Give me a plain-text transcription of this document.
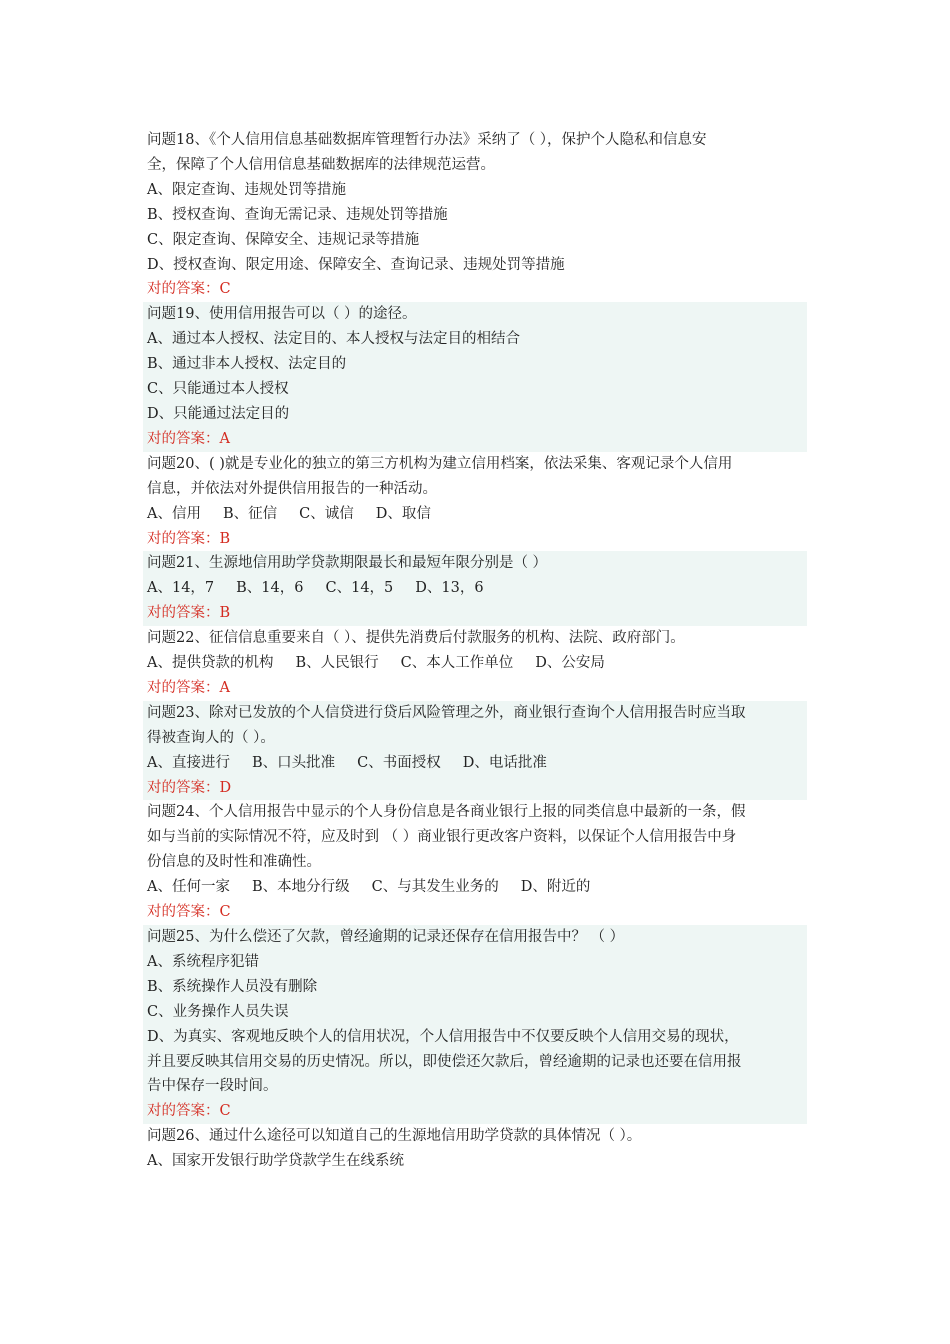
问题18、《个人信用信息基础数据库管理暂行办法》采纳了（ ），保护个人隐私和信息安
全，保障了个人信用信息基础数据库的法律规范运营。
A、限定查询、违规处罚等措施
B、授权查询、查询无需记录、违规处罚等措施
C、限定查询、保障安全、违规记录等措施
D、授权查询、限定用途、保障安全、查询记录、违规处罚等措施
对的答案：C
问题19、使用信用报告可以（ ）的途径。
A、通过本人授权、法定目的、本人授权与法定目的相结合
B、通过非本人授权、法定目的
C、只能通过本人授权
D、只能通过法定目的
对的答案：A
问题20、( )就是专业化的独立的第三方机构为建立信用档案，依法采集、客观记录个人信用
信息，并依法对外提供信用报告的一种活动。
A、信用 B、征信 C、诚信 D、取信
对的答案：B
问题21、生源地信用助学贷款期限最长和最短年限分别是（ ）
A、14，7 B、14，6 C、14，5 D、13，6
对的答案：B
问题22、征信信息重要来自（ ）、提供先消费后付款服务的机构、法院、政府部门。
A、提供贷款的机构 B、人民银行 C、本人工作单位 D、公安局
对的答案：A
问题23、除对已发放的个人信贷进行贷后风险管理之外，商业银行查询个人信用报告时应当取
得被查询人的（ ）。
A、直接进行 B、口头批准 C、书面授权 D、电话批准
对的答案：D
问题24、个人信用报告中显示的个人身份信息是各商业银行上报的同类信息中最新的一条，假
如与当前的实际情况不符，应及时到 （ ）商业银行更改客户资料，以保证个人信用报告中身
份信息的及时性和准确性。
A、任何一家 B、本地分行级 C、与其发生业务的 D、附近的
对的答案：C
问题25、为什么偿还了欠款，曾经逾期的记录还保存在信用报告中？ （ ）
A、系统程序犯错
B、系统操作人员没有删除
C、业务操作人员失误
D、为真实、客观地反映个人的信用状况，个人信用报告中不仅要反映个人信用交易的现状，
并且要反映其信用交易的历史情况。所以，即使偿还欠款后，曾经逾期的记录也还要在信用报
告中保存一段时间。
对的答案：C
问题26、通过什么途径可以知道自己的生源地信用助学贷款的具体情况（ ）。
A、国家开发银行助学贷款学生在线系统
